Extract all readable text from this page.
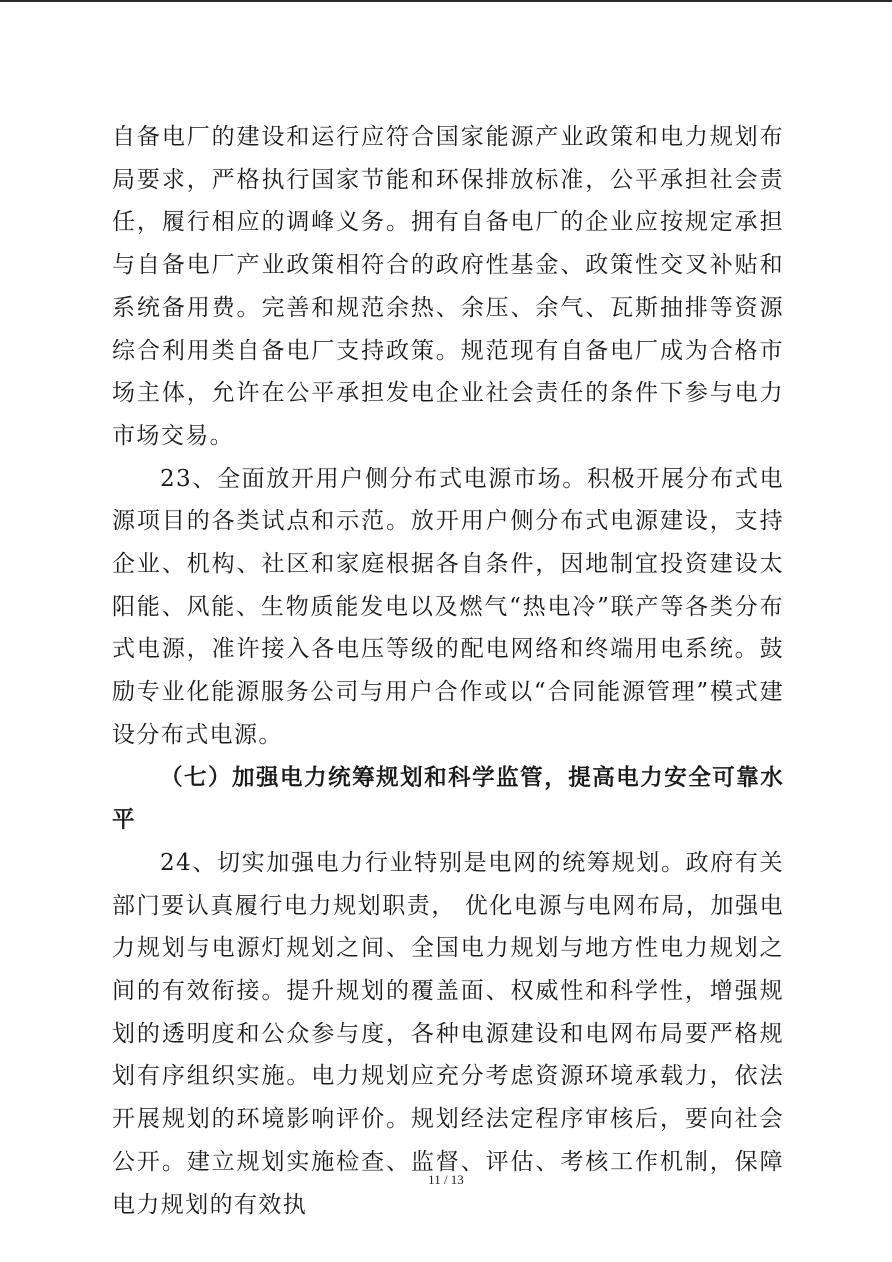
自备电厂的建设和运行应符合国家能源产业政策和电力规划布局要求，严格执行国家节能和环保排放标准，公平承担社会责任，履行相应的调峰义务。拥有自备电厂的企业应按规定承担与自备电厂产业政策相符合的政府性基金、政策性交叉补贴和系统备用费。完善和规范余热、余压、余气、瓦斯抽排等资源综合利用类自备电厂支持政策。规范现有自备电厂成为合格市场主体，允许在公平承担发电企业社会责任的条件下参与电力市场交易。

23、全面放开用户侧分布式电源市场。积极开展分布式电源项目的各类试点和示范。放开用户侧分布式电源建设，支持企业、机构、社区和家庭根据各自条件，因地制宜投资建设太阳能、风能、生物质能发电以及燃气“热电冷”联产等各类分布式电源，准许接入各电压等级的配电网络和终端用电系统。鼓励专业化能源服务公司与用户合作或以“合同能源管理”模式建设分布式电源。

（七）加强电力统筹规划和科学监管，提高电力安全可靠水平

24、切实加强电力行业特别是电网的统筹规划。政府有关部门要认真履行电力规划职责， 优化电源与电网布局，加强电力规划与电源灯规划之间、全国电力规划与地方性电力规划之间的有效衔接。提升规划的覆盖面、权威性和科学性，增强规划的透明度和公众参与度，各种电源建设和电网布局要严格规划有序组织实施。电力规划应充分考虑资源环境承载力，依法开展规划的环境影响评价。规划经法定程序审核后，要向社会公开。建立规划实施检查、监督、评估、考核工作机制，保障电力规划的有效执

11 / 13
